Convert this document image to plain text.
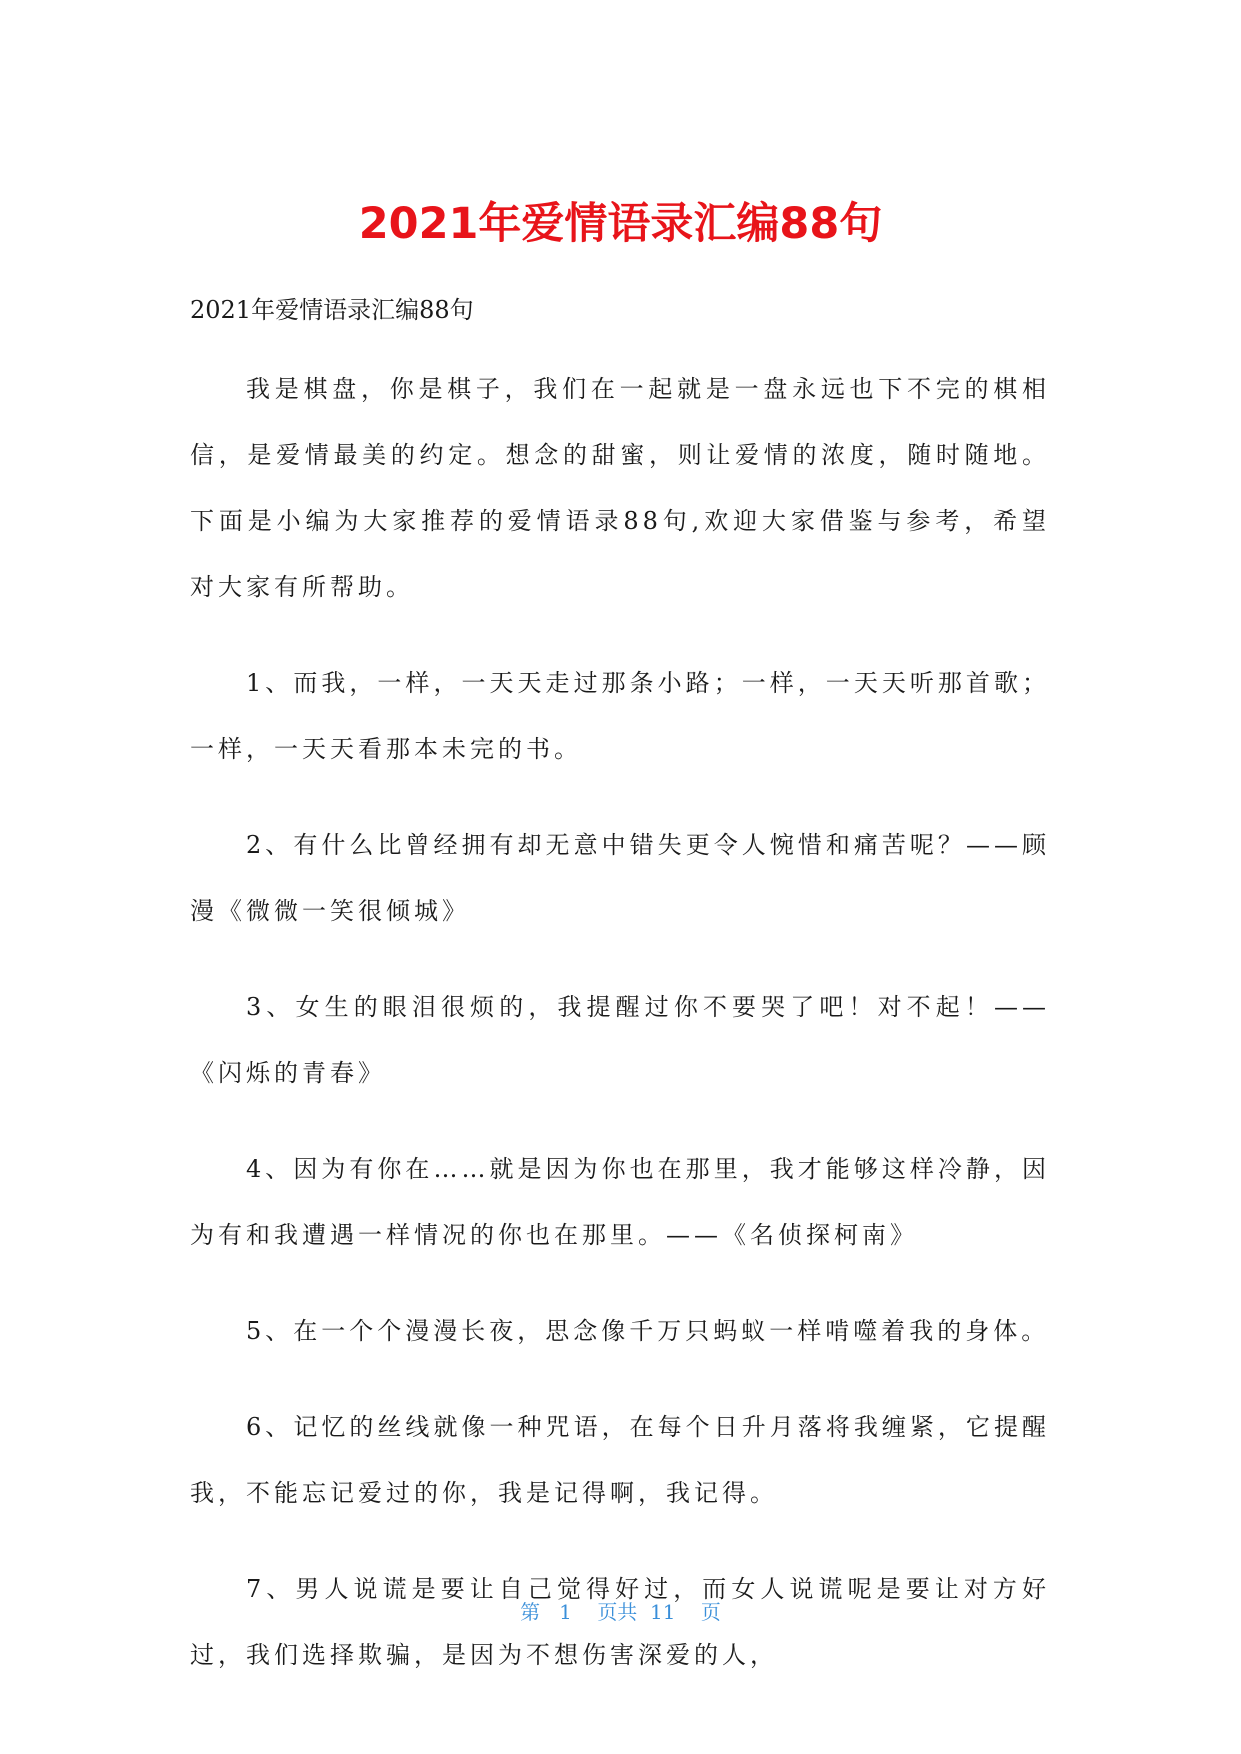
2021年爱情语录汇编88句

2021年爱情语录汇编88句

我是棋盘，你是棋子，我们在一起就是一盘永远也下不完的棋相信，是爱情最美的约定。想念的甜蜜，则让爱情的浓度，随时随地。下面是小编为大家推荐的爱情语录88句,欢迎大家借鉴与参考，希望对大家有所帮助。

1、而我，一样，一天天走过那条小路；一样，一天天听那首歌；一样，一天天看那本未完的书。

2、有什么比曾经拥有却无意中错失更令人惋惜和痛苦呢？——顾漫《微微一笑很倾城》

3、女生的眼泪很烦的，我提醒过你不要哭了吧！对不起！——《闪烁的青春》

4、因为有你在……就是因为你也在那里，我才能够这样冷静，因为有和我遭遇一样情况的你也在那里。——《名侦探柯南》

5、在一个个漫漫长夜，思念像千万只蚂蚁一样啃噬着我的身体。

6、记忆的丝线就像一种咒语，在每个日升月落将我缠紧，它提醒我，不能忘记爱过的你，我是记得啊，我记得。

7、男人说谎是要让自己觉得好过，而女人说谎呢是要让对方好过，我们选择欺骗，是因为不想伤害深爱的人，

第 1 页共 11 页
